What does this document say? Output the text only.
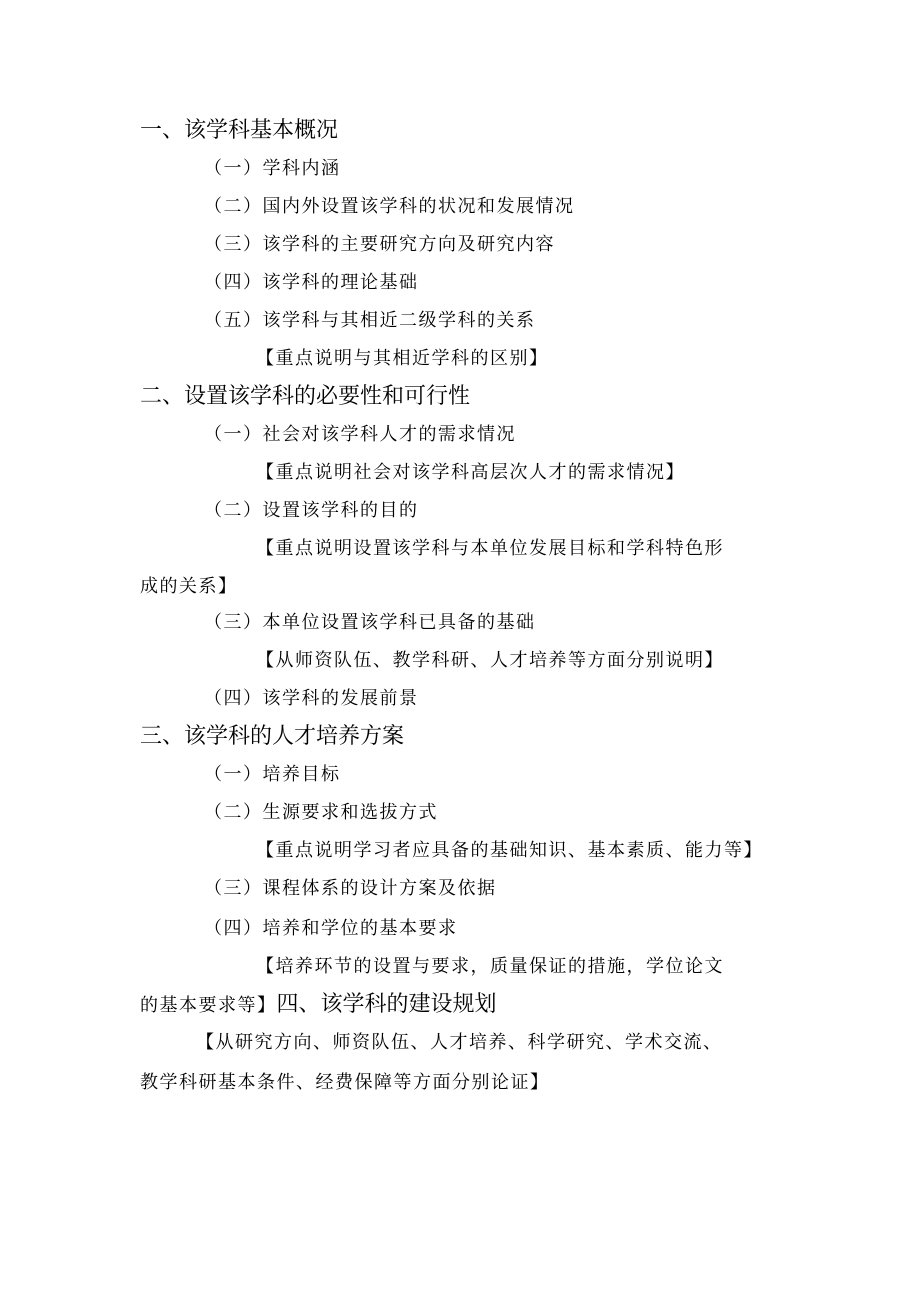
一、该学科基本概况
（一）学科内涵
（二）国内外设置该学科的状况和发展情况
（三）该学科的主要研究方向及研究内容
（四）该学科的理论基础
（五）该学科与其相近二级学科的关系
【重点说明与其相近学科的区别】
二、设置该学科的必要性和可行性
（一）社会对该学科人才的需求情况
【重点说明社会对该学科高层次人才的需求情况】
（二）设置该学科的目的
【重点说明设置该学科与本单位发展目标和学科特色形
成的关系】
（三）本单位设置该学科已具备的基础
【从师资队伍、教学科研、人才培养等方面分别说明】
（四）该学科的发展前景
三、该学科的人才培养方案
（一）培养目标
（二）生源要求和选拔方式
【重点说明学习者应具备的基础知识、基本素质、能力等】
（三）课程体系的设计方案及依据
（四）培养和学位的基本要求
【培养环节的设置与要求，质量保证的措施，学位论文
的基本要求等】四、该学科的建设规划
【从研究方向、师资队伍、人才培养、科学研究、学术交流、
教学科研基本条件、经费保障等方面分别论证】
